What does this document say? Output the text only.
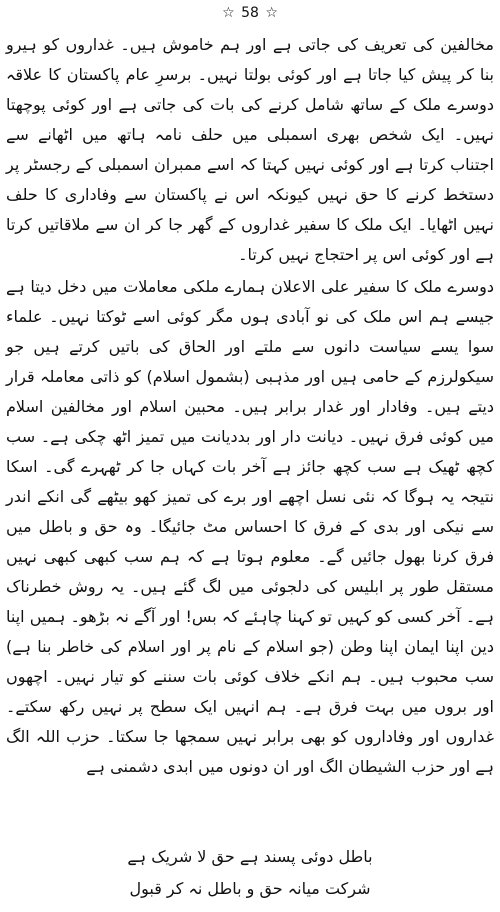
☆ 58 ☆

مخالفین کی تعریف کی جاتی ہے اور ہم خاموش ہیں۔ غداروں کو ہیرو بنا کر پیش کیا جاتا ہے اور کوئی بولتا نہیں۔ برسرِ عام پاکستان کا علاقہ دوسرے ملک کے ساتھ شامل کرنے کی بات کی جاتی ہے اور کوئی پوچھتا نہیں۔ ایک شخص بھری اسمبلی میں حلف نامہ ہاتھ میں اٹھانے سے اجتناب کرتا ہے اور کوئی نہیں کہتا کہ اسے ممبران اسمبلی کے رجسٹر پر دستخط کرنے کا حق نہیں کیونکہ اس نے پاکستان سے وفاداری کا حلف نہیں اٹھایا۔ ایک ملک کا سفیر غداروں کے گھر جا کر ان سے ملاقاتیں کرتا ہے اور کوئی اس پر احتجاج نہیں کرتا۔

دوسرے ملک کا سفیر علی الاعلان ہمارے ملکی معاملات میں دخل دیتا ہے جیسے ہم اس ملک کی نو آبادی ہوں مگر کوئی اسے ٹوکتا نہیں۔ علماء سوا یسے سیاست دانوں سے ملتے اور الحاق کی باتیں کرتے ہیں جو سیکولرزم کے حامی ہیں اور مذہبی (بشمول اسلام) کو ذاتی معاملہ قرار دیتے ہیں۔ وفادار اور غدار برابر ہیں۔ محبین اسلام اور مخالفین اسلام میں کوئی فرق نہیں۔ دیانت دار اور بددیانت میں تمیز اٹھ چکی ہے۔ سب کچھ ٹھیک ہے سب کچھ جائز ہے آخر بات کہاں جا کر ٹھہرے گی۔ اسکا نتیجہ یہ ہوگا کہ نئی نسل اچھے اور برے کی تمیز کھو بیٹھے گی انکے اندر سے نیکی اور بدی کے فرق کا احساس مٹ جائیگا۔ وہ حق و باطل میں فرق کرنا بھول جائیں گے۔ معلوم ہوتا ہے کہ ہم سب کبھی کبھی نہیں مستقل طور پر ابلیس کی دلجوئی میں لگ گئے ہیں۔ یہ روش خطرناک ہے۔ آخر کسی کو کہیں تو کہنا چاہئے کہ بس! اور آگے نہ بڑھو۔ ہمیں اپنا دین اپنا ایمان اپنا وطن (جو اسلام کے نام پر اور اسلام کی خاطر بنا ہے) سب محبوب ہیں۔ ہم انکے خلاف کوئی بات سننے کو تیار نہیں۔ اچھوں اور بروں میں بہت فرق ہے۔ ہم انہیں ایک سطح پر نہیں رکھ سکتے۔ غداروں اور وفاداروں کو بھی برابر نہیں سمجھا جا سکتا۔ حزب اللہ الگ ہے اور حزب الشیطان الگ اور ان دونوں میں ابدی دشمنی ہے

باطل دوئی پسند ہے حق لا شریک ہے
شرکت میانہ حق و باطل نہ کر قبول
